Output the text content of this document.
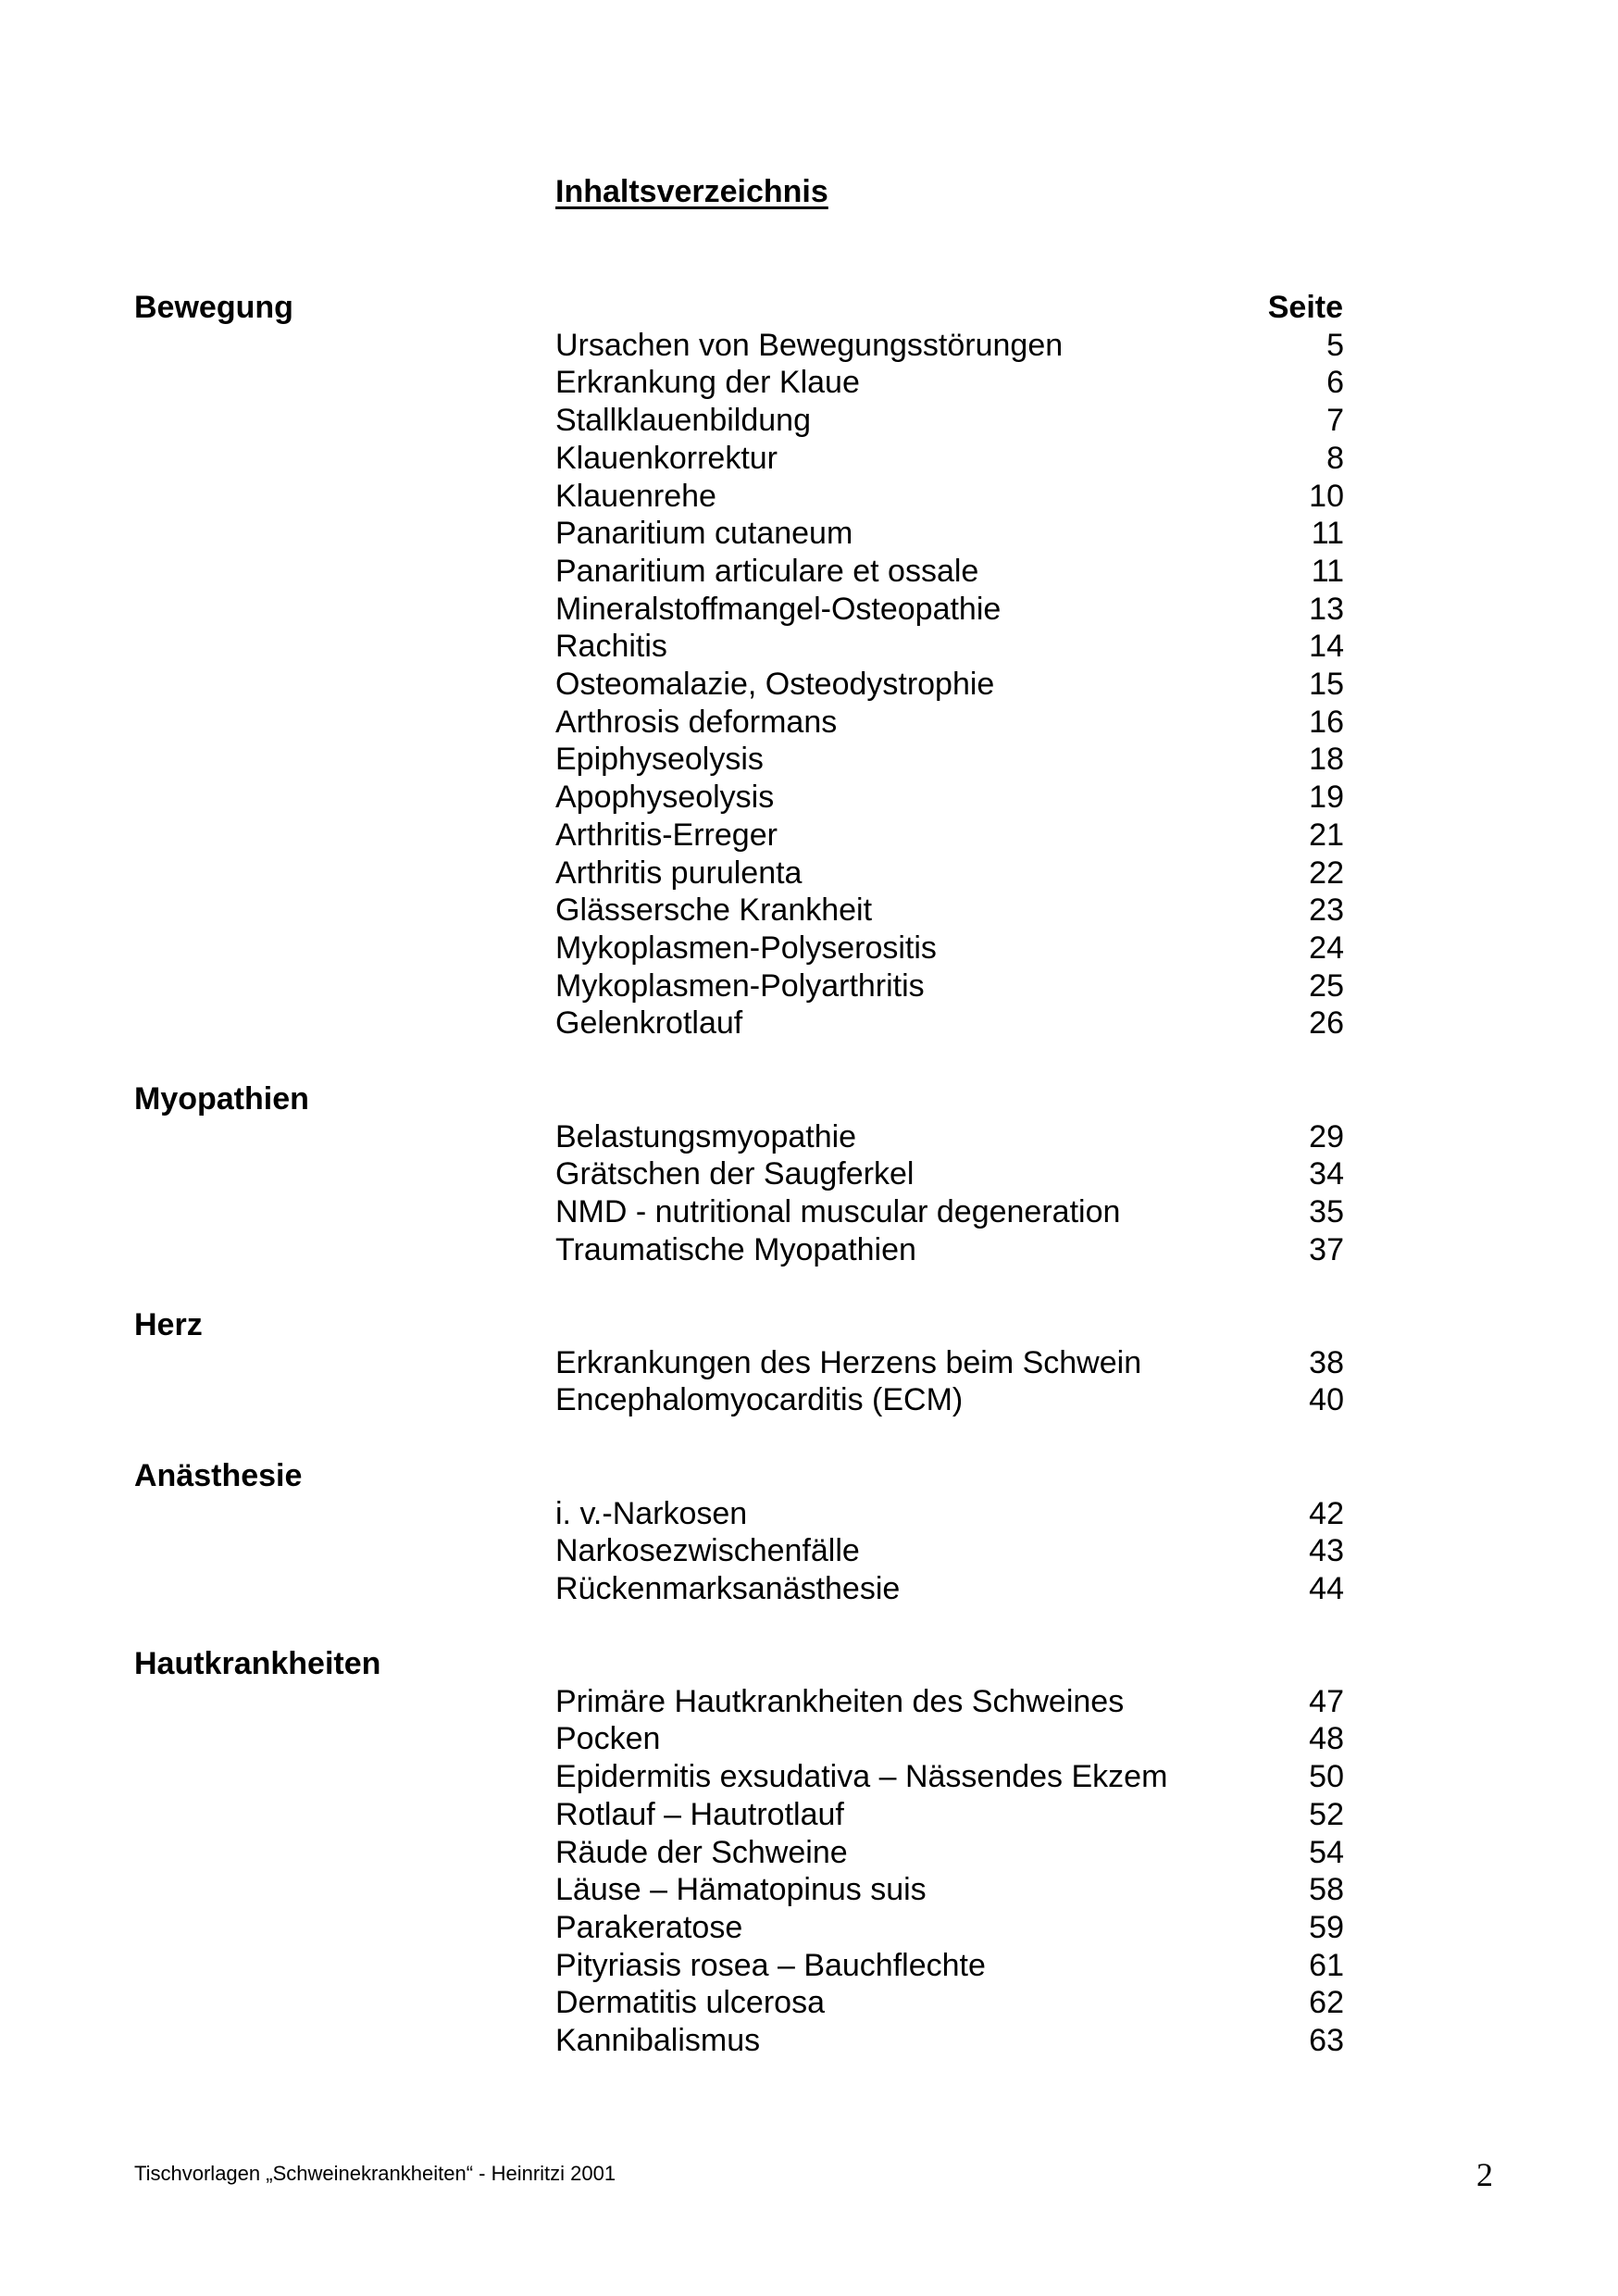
Inhaltsverzeichnis
Bewegung	Seite
Ursachen von Bewegungsstörungen	5
Erkrankung der Klaue	6
Stallklauenbildung	7
Klauenkorrektur	8
Klauenrehe	10
Panaritium cutaneum	11
Panaritium articulare et ossale	11
Mineralstoffmangel-Osteopathie	13
Rachitis	14
Osteomalazie, Osteodystrophie	15
Arthrosis deformans	16
Epiphyseolysis	18
Apophyseolysis	19
Arthritis-Erreger	21
Arthritis purulenta	22
Glässersche Krankheit	23
Mykoplasmen-Polyserositis	24
Mykoplasmen-Polyarthritis	25
Gelenkrotlauf	26
Myopathien
Belastungsmyopathie	29
Grätschen der Saugferkel	34
NMD - nutritional muscular degeneration	35
Traumatische Myopathien	37
Herz
Erkrankungen des Herzens beim Schwein	38
Encephalomyocarditis (ECM)	40
Anästhesie
i. v.-Narkosen	42
Narkosezwischenfälle	43
Rückenmarksanästhesie	44
Hautkrankheiten
Primäre Hautkrankheiten des Schweines	47
Pocken	48
Epidermitis exsudativa – Nässendes Ekzem	50
Rotlauf – Hautrotlauf	52
Räude der Schweine	54
Läuse – Hämatopinus suis	58
Parakeratose	59
Pityriasis rosea – Bauchflechte	61
Dermatitis ulcerosa	62
Kannibalismus	63
Tischvorlagen „Schweinekrankheiten“ - Heinritzi 2001	2
